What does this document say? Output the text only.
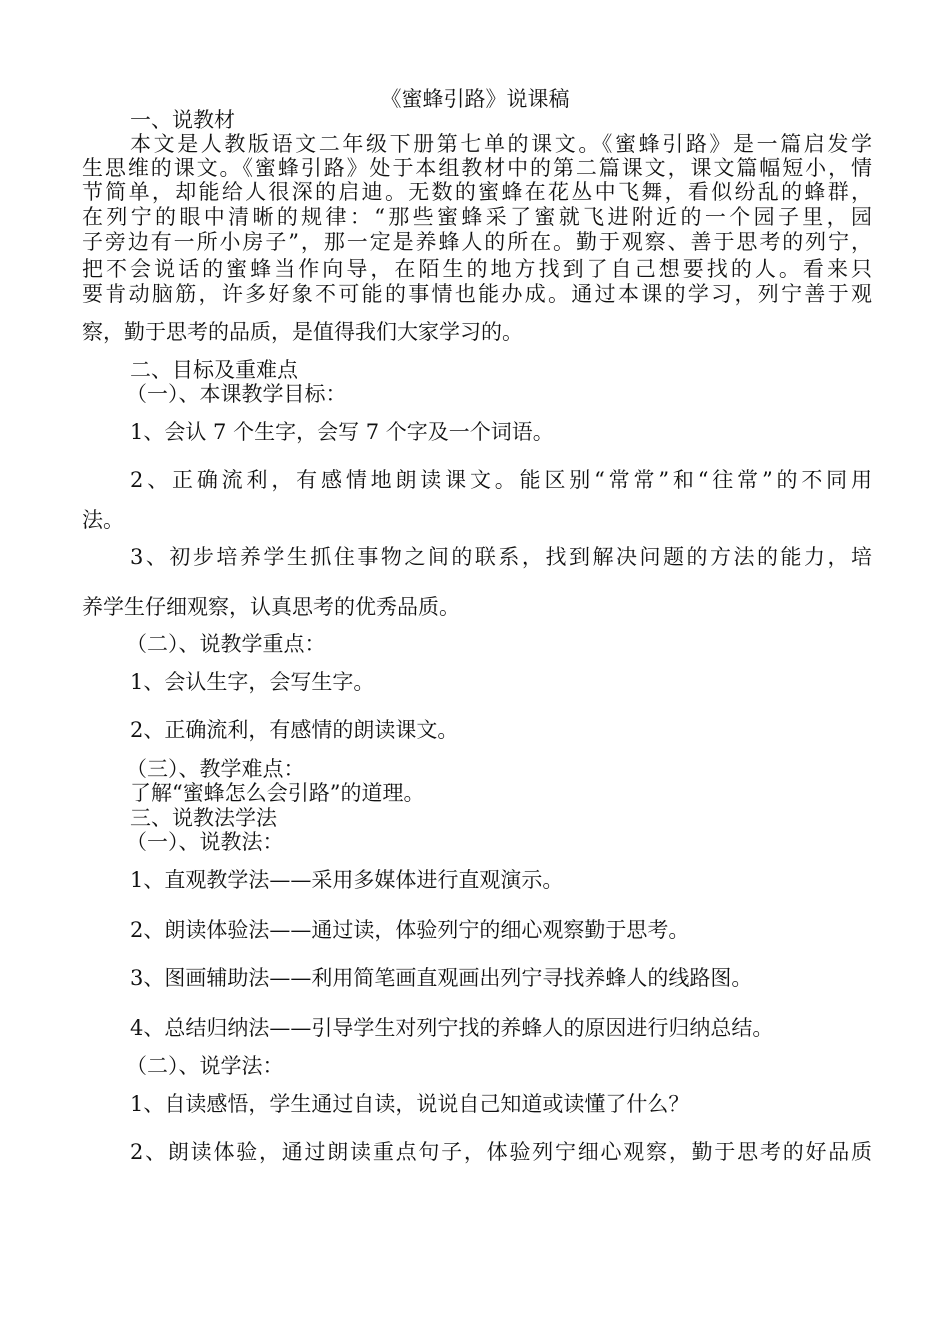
《蜜蜂引路》说课稿
一、说教材
本文是人教版语文二年级下册第七单的课文。《蜜蜂引路》是一篇启发学
生思维的课文。《蜜蜂引路》处于本组教材中的第二篇课文，课文篇幅短小，情
节简单，却能给人很深的启迪。无数的蜜蜂在花丛中飞舞，看似纷乱的蜂群，
在列宁的眼中清晰的规律：“那些蜜蜂采了蜜就飞进附近的一个园子里，园
子旁边有一所小房子”，那一定是养蜂人的所在。勤于观察、善于思考的列宁，
把不会说话的蜜蜂当作向导，在陌生的地方找到了自己想要找的人。看来只
要肯动脑筋，许多好象不可能的事情也能办成。通过本课的学习，列宁善于观
察，勤于思考的品质，是值得我们大家学习的。
二、目标及重难点
（一）、本课教学目标：
1、会认 7 个生字，会写 7 个字及一个词语。
2、正确流利，有感情地朗读课文。能区别“常常”和“往常”的不同用
法。
3、初步培养学生抓住事物之间的联系，找到解决问题的方法的能力，培
养学生仔细观察，认真思考的优秀品质。
（二）、说教学重点：
1、会认生字，会写生字。
2、正确流利，有感情的朗读课文。
（三）、教学难点：
了解“蜜蜂怎么会引路”的道理。
三、说教法学法
（一）、说教法：
1、直观教学法——采用多媒体进行直观演示。
2、朗读体验法——通过读，体验列宁的细心观察勤于思考。
3、图画辅助法——利用简笔画直观画出列宁寻找养蜂人的线路图。
4、总结归纳法——引导学生对列宁找的养蜂人的原因进行归纳总结。
（二）、说学法：
1、自读感悟，学生通过自读，说说自己知道或读懂了什么？
2、朗读体验，通过朗读重点句子，体验列宁细心观察，勤于思考的好品质
